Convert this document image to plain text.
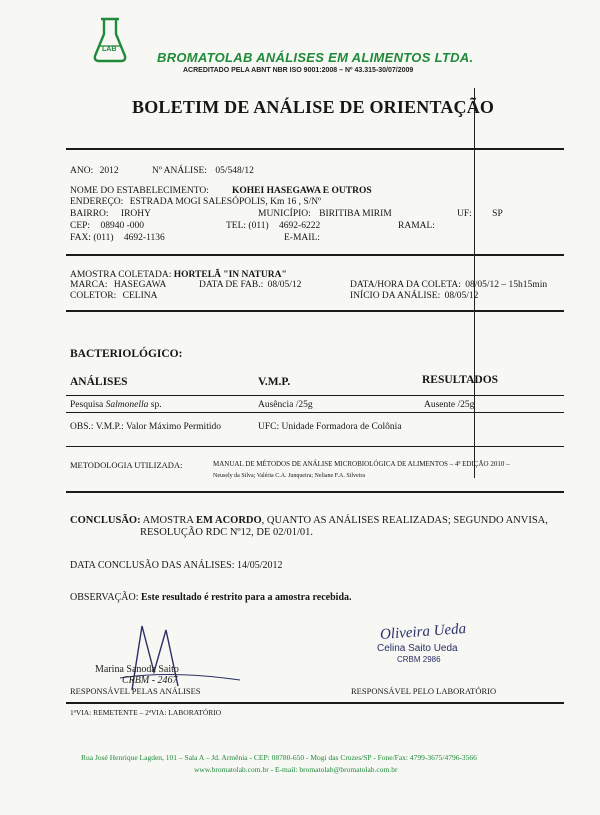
LAB
BROMATOLAB ANÁLISES EM ALIMENTOS LTDA.
ACREDITADO PELA ABNT NBR ISO 9001:2008 – Nº 43.315-30/07/2009
BOLETIM DE ANÁLISE DE ORIENTAÇÃO
ANO: 2012	Nº ANÁLISE: 05/548/12
NOME DO ESTABELECIMENTO: KOHEI HASEGAWA E OUTROS
ENDEREÇO: ESTRADA MOGI SALESÓPOLIS, Km 16 , S/Nº
BAIRRO: IROHY	MUNICÍPIO: BIRITIBA MIRIM	UF: SP
CEP: 08940 -000	TEL: (011) 4692-6222	RAMAL:
FAX: (011) 4692-1136	E-MAIL:
AMOSTRA COLETADA: HORTELÃ "IN NATURA"
MARCA: HASEGAWA	DATA DE FAB.: 08/05/12	DATA/HORA DA COLETA: 08/05/12 – 15h15min
COLETOR: CELINA	INÍCIO DA ANÁLISE: 08/05/12
BACTERIOLÓGICO:
ANÁLISES	V.M.P.	RESULTADOS
Pesquisa Salmonella sp.	Ausência /25g	Ausente /25g
OBS.: V.M.P.: Valor Máximo Permitido	UFC: Unidade Formadora de Colônia
METODOLOGIA UTILIZADA:	MANUAL DE MÉTODOS DE ANÁLISE MICROBIOLÓGICA DE ALIMENTOS – 4ª EDIÇÃO 2010 –
Neusely da Silva; Valéria C.A. Junqueira; Neliane F.A. Silveira
CONCLUSÃO: AMOSTRA EM ACORDO, QUANTO AS ANÁLISES REALIZADAS; SEGUNDO ANVISA,
RESOLUÇÃO RDC Nº12, DE 02/01/01.
DATA CONCLUSÃO DAS ANÁLISES: 14/05/2012
OBSERVAÇÃO: Este resultado é restrito para a amostra recebida.
Marina Sanoda Saito
CRBM - 2467
RESPONSÁVEL PELAS ANÁLISES
Oliveira Ueda
Celina Saito Ueda
CRBM 2986
RESPONSÁVEL PELO LABORATÓRIO
1ªVIA: REMETENTE – 2ªVIA: LABORATÓRIO
Rua José Henrique Lagden, 101 – Sala A – Jd. Armênia - CEP: 08780-650 - Mogi das Cruzes/SP - Fone/Fax: 4799-3675/4796-3566
www.bromatolab.com.br - E-mail: bromatolab@bromatolab.com.br
